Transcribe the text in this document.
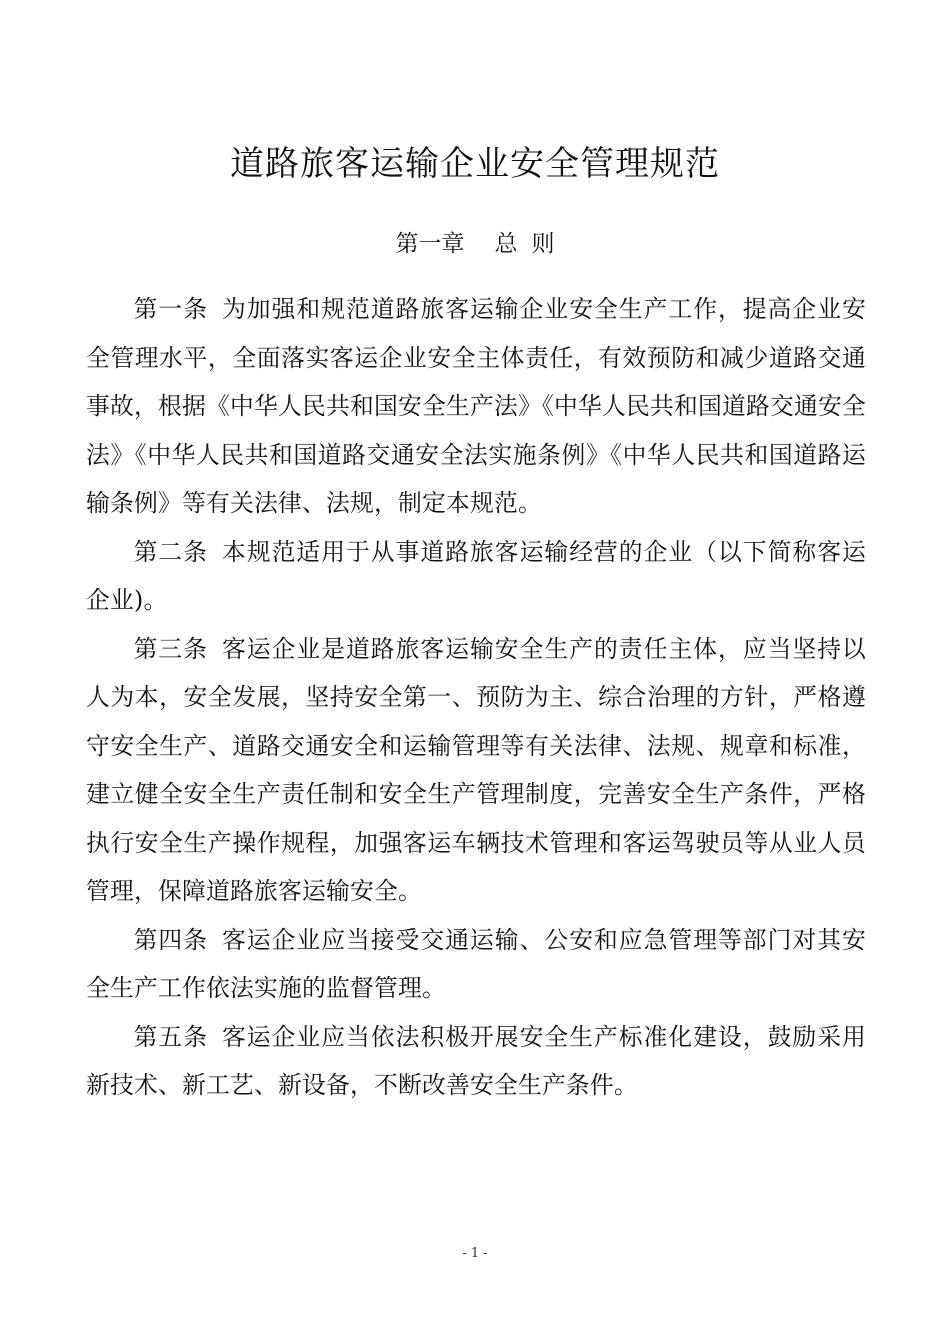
道路旅客运输企业安全管理规范
第一章 总 则

第一条 为加强和规范道路旅客运输企业安全生产工作，提高企业安全管理水平，全面落实客运企业安全主体责任，有效预防和减少道路交通事故，根据《中华人民共和国安全生产法》《中华人民共和国道路交通安全法》《中华人民共和国道路交通安全法实施条例》《中华人民共和国道路运输条例》等有关法律、法规，制定本规范。

第二条 本规范适用于从事道路旅客运输经营的企业（以下简称客运企业)。

第三条 客运企业是道路旅客运输安全生产的责任主体，应当坚持以人为本，安全发展，坚持安全第一、预防为主、综合治理的方针，严格遵守安全生产、道路交通安全和运输管理等有关法律、法规、规章和标准，建立健全安全生产责任制和安全生产管理制度，完善安全生产条件，严格执行安全生产操作规程，加强客运车辆技术管理和客运驾驶员等从业人员管理，保障道路旅客运输安全。

第四条 客运企业应当接受交通运输、公安和应急管理等部门对其安全生产工作依法实施的监督管理。

第五条 客运企业应当依法积极开展安全生产标准化建设，鼓励采用新技术、新工艺、新设备，不断改善安全生产条件。

- 1 -
